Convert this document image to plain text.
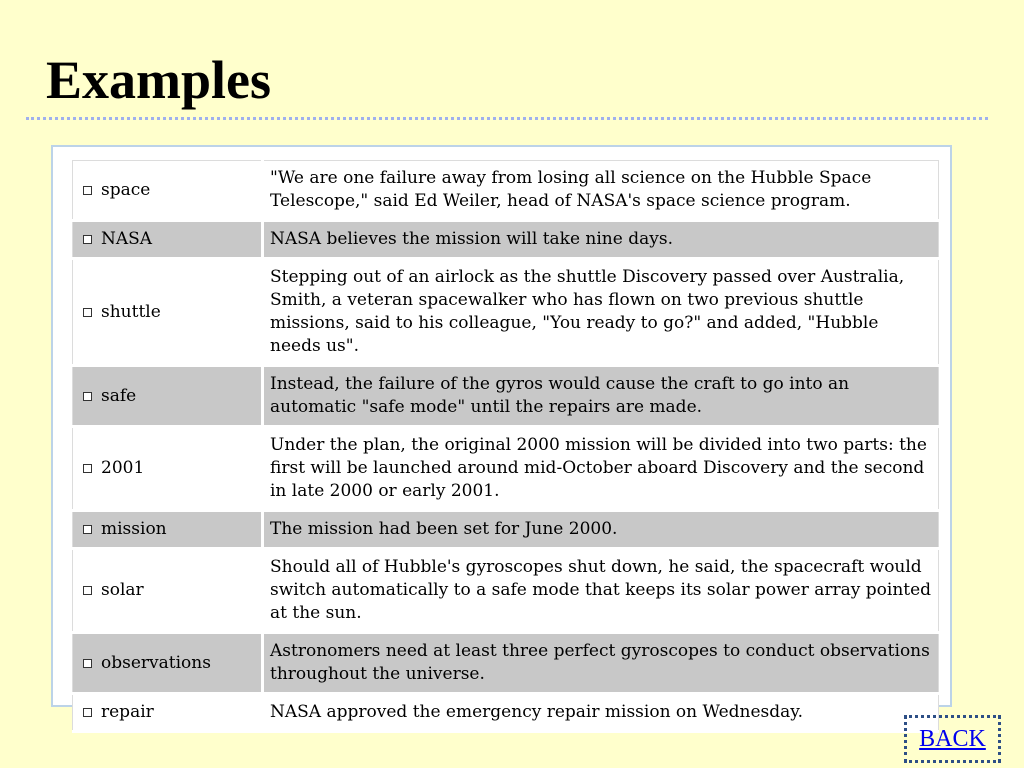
Examples
space	"We are one failure away from losing all science on the Hubble Space Telescope," said Ed Weiler, head of NASA's space science program.

NASA	NASA believes the mission will take nine days.

shuttle	Stepping out of an airlock as the shuttle Discovery passed over Australia, Smith, a veteran spacewalker who has flown on two previous shuttle missions, said to his colleague, "You ready to go?" and added, "Hubble needs us".

safe	Instead, the failure of the gyros would cause the craft to go into an automatic "safe mode" until the repairs are made.

2001	Under the plan, the original 2000 mission will be divided into two parts: the first will be launched around mid-October aboard Discovery and the second in late 2000 or early 2001.

mission	The mission had been set for June 2000.

solar	Should all of Hubble's gyroscopes shut down, he said, the spacecraft would switch automatically to a safe mode that keeps its solar power array pointed at the sun.

observations	Astronomers need at least three perfect gyroscopes to conduct observations throughout the universe.

repair	NASA approved the emergency repair mission on Wednesday.
BACK
